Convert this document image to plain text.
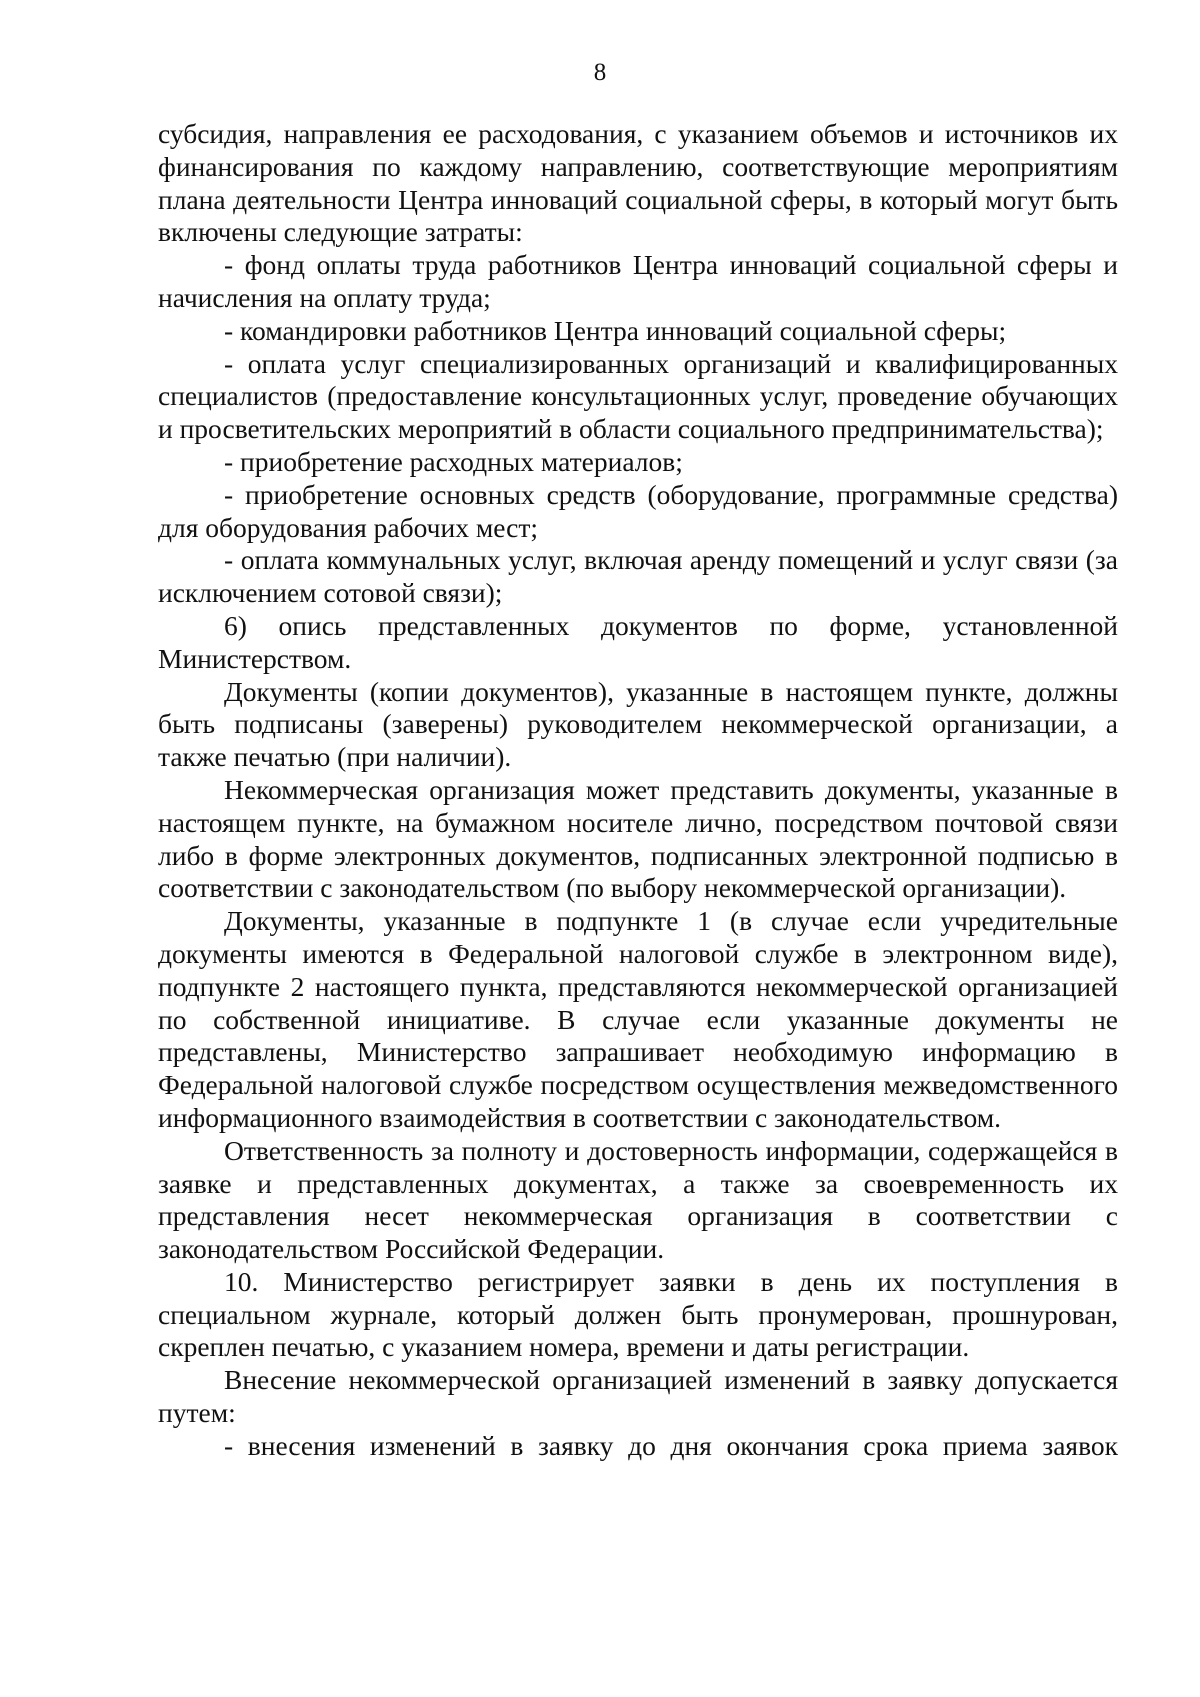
8

субсидия, направления ее расходования, с указанием объемов и источников их финансирования по каждому направлению, соответствующие мероприятиям плана деятельности Центра инноваций социальной сферы, в который могут быть включены следующие затраты:

- фонд оплаты труда работников Центра инноваций социальной сферы и начисления на оплату труда;

- командировки работников Центра инноваций социальной сферы;

- оплата услуг специализированных организаций и квалифицированных специалистов (предоставление консультационных услуг, проведение обучающих и просветительских мероприятий в области социального предпринимательства);

- приобретение расходных материалов;

- приобретение основных средств (оборудование, программные средства) для оборудования рабочих мест;

- оплата коммунальных услуг, включая аренду помещений и услуг связи (за исключением сотовой связи);

6) опись представленных документов по форме, установленной Министерством.

Документы (копии документов), указанные в настоящем пункте, должны быть подписаны (заверены) руководителем некоммерческой организации, а также печатью (при наличии).

Некоммерческая организация может представить документы, указанные в настоящем пункте, на бумажном носителе лично, посредством почтовой связи либо в форме электронных документов, подписанных электронной подписью в соответствии с законодательством (по выбору некоммерческой организации).

Документы, указанные в подпункте 1 (в случае если учредительные документы имеются в Федеральной налоговой службе в электронном виде), подпункте 2 настоящего пункта, представляются некоммерческой организацией по собственной инициативе. В случае если указанные документы не представлены, Министерство запрашивает необходимую информацию в Федеральной налоговой службе посредством осуществления межведомственного информационного взаимодействия в соответствии с законодательством.

Ответственность за полноту и достоверность информации, содержащейся в заявке и представленных документах, а также за своевременность их представления несет некоммерческая организация в соответствии с законодательством Российской Федерации.

10. Министерство регистрирует заявки в день их поступления в специальном журнале, который должен быть пронумерован, прошнурован, скреплен печатью, с указанием номера, времени и даты регистрации.

Внесение некоммерческой организацией изменений в заявку допускается путем:

- внесения изменений в заявку до дня окончания срока приема заявок
